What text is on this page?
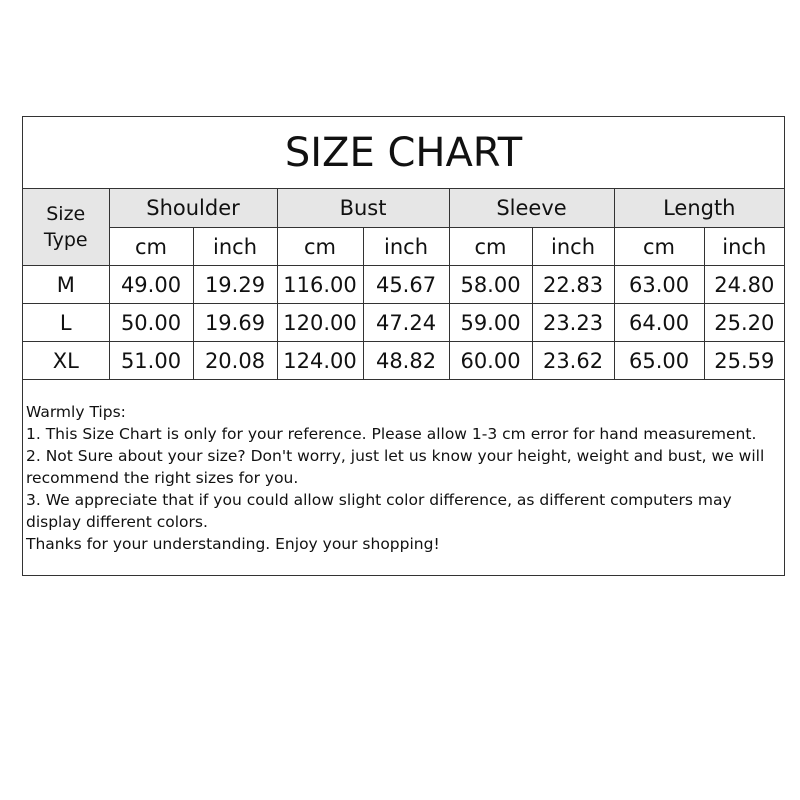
SIZE CHART
Size
Type	Shoulder		Bust		Sleeve		Length	
	cm	inch	cm	inch	cm	inch	cm	inch
M	49.00	19.29	116.00	45.67	58.00	22.83	63.00	24.80
L	50.00	19.69	120.00	47.24	59.00	23.23	64.00	25.20
XL	51.00	20.08	124.00	48.82	60.00	23.62	65.00	25.59
Warmly Tips:
1. This Size Chart is only for your reference. Please allow 1-3 cm error for hand measurement.
2. Not Sure about your size? Don't worry, just let us know your height, weight and bust, we will recommend the right sizes for you.
3. We appreciate that if you could allow slight color difference, as different computers may display different colors.
Thanks for your understanding. Enjoy your shopping!
